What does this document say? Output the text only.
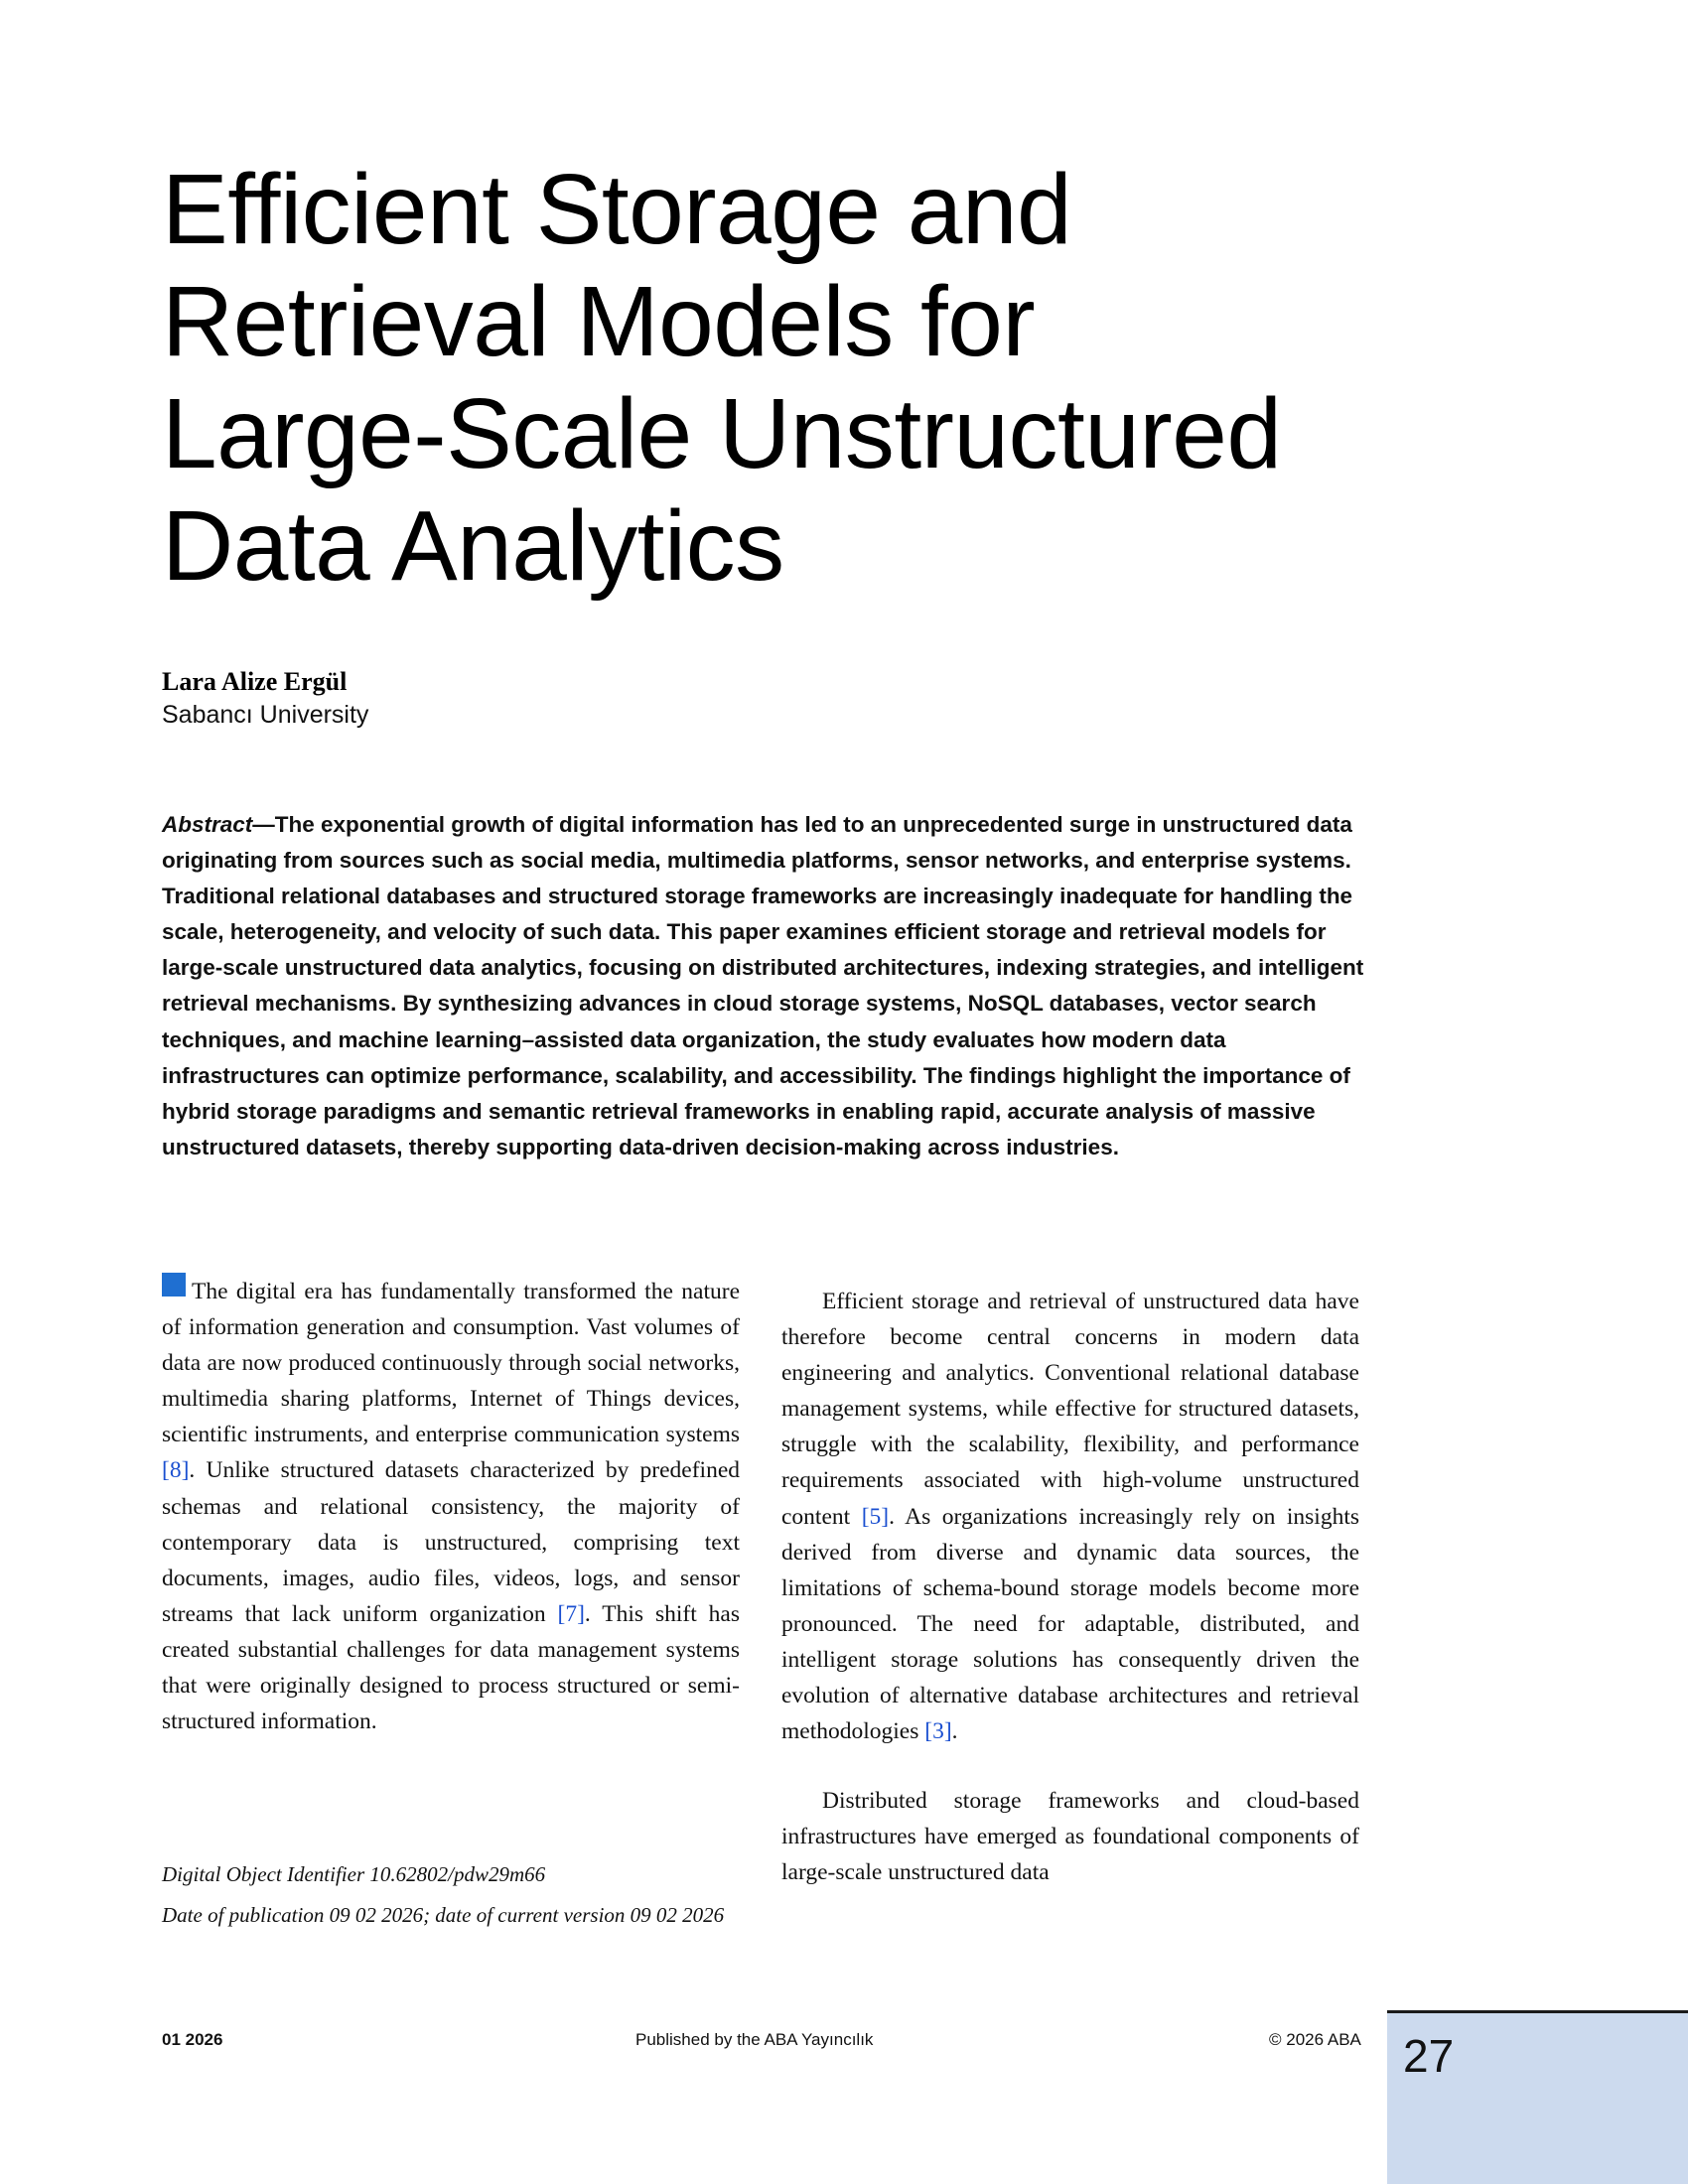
Efficient Storage and
Retrieval Models for
Large-Scale Unstructured
Data Analytics
Lara Alize Ergül
Sabancı University
Abstract—The exponential growth of digital information has led to an unprecedented surge in unstructured data originating from sources such as social media, multimedia platforms, sensor networks, and enterprise systems. Traditional relational databases and structured storage frameworks are increasingly inadequate for handling the scale, heterogeneity, and velocity of such data. This paper examines efficient storage and retrieval models for large-scale unstructured data analytics, focusing on distributed architectures, indexing strategies, and intelligent retrieval mechanisms. By synthesizing advances in cloud storage systems, NoSQL databases, vector search techniques, and machine learning–assisted data organization, the study evaluates how modern data infrastructures can optimize performance, scalability, and accessibility. The findings highlight the importance of hybrid storage paradigms and semantic retrieval frameworks in enabling rapid, accurate analysis of massive unstructured datasets, thereby supporting data-driven decision-making across industries.

The digital era has fundamentally transformed the nature of information generation and consumption. Vast volumes of data are now produced continuously through social networks, multimedia sharing platforms, Internet of Things devices, scientific instruments, and enterprise communication systems [8]. Unlike structured datasets characterized by predefined schemas and relational consistency, the majority of contemporary data is unstructured, comprising text documents, images, audio files, videos, logs, and sensor streams that lack uniform organization [7]. This shift has created substantial challenges for data management systems that were originally designed to process structured or semi-structured information.

Digital Object Identifier 10.62802/pdw29m66

Date of publication 09 02 2026; date of current version 09 02 2026

Efficient storage and retrieval of unstructured data have therefore become central concerns in modern data engineering and analytics. Conventional relational database management systems, while effective for structured datasets, struggle with the scalability, flexibility, and performance requirements associated with high-volume unstructured content [5]. As organizations increasingly rely on insights derived from diverse and dynamic data sources, the limitations of schema-bound storage models become more pronounced. The need for adaptable, distributed, and intelligent storage solutions has consequently driven the evolution of alternative database architectures and retrieval methodologies [3].

Distributed storage frameworks and cloud-based infrastructures have emerged as foundational components of large-scale unstructured data

01 2026	Published by the ABA Yayıncılık	© 2026 ABA 27
